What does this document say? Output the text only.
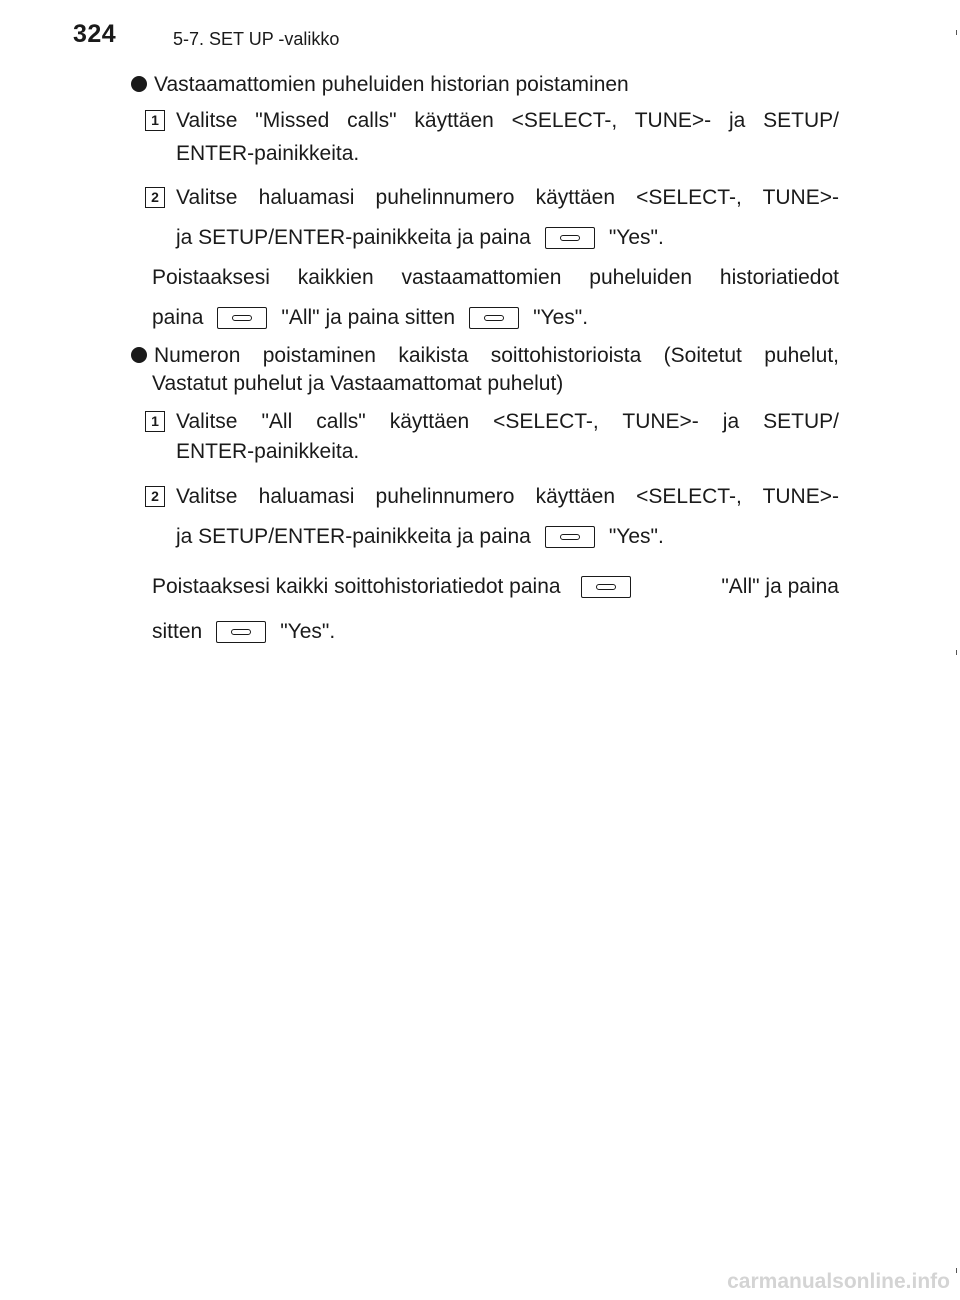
324	5-7. SET UP -valikko
Vastaamattomien puheluiden historian poistaminen
1 Valitse "Missed calls" käyttäen <SELECT-, TUNE>- ja SETUP/
ENTER-painikkeita.
2 Valitse haluamasi puhelinnumero käyttäen <SELECT-, TUNE>-
ja SETUP/ENTER-painikkeita ja paina	"Yes".
Poistaaksesi kaikkien vastaamattomien puheluiden historiatiedot
paina	"All" ja paina sitten	"Yes".
Numeron poistaminen kaikista soittohistorioista (Soitetut puhelut,
Vastatut puhelut ja Vastaamattomat puhelut)
1 Valitse "All calls" käyttäen <SELECT-, TUNE>- ja SETUP/
ENTER-painikkeita.
2 Valitse haluamasi puhelinnumero käyttäen <SELECT-, TUNE>-
ja SETUP/ENTER-painikkeita ja paina	"Yes".
Poistaaksesi kaikki soittohistoriatiedot paina	"All" ja paina
sitten	"Yes".
carmanualsonline.info
